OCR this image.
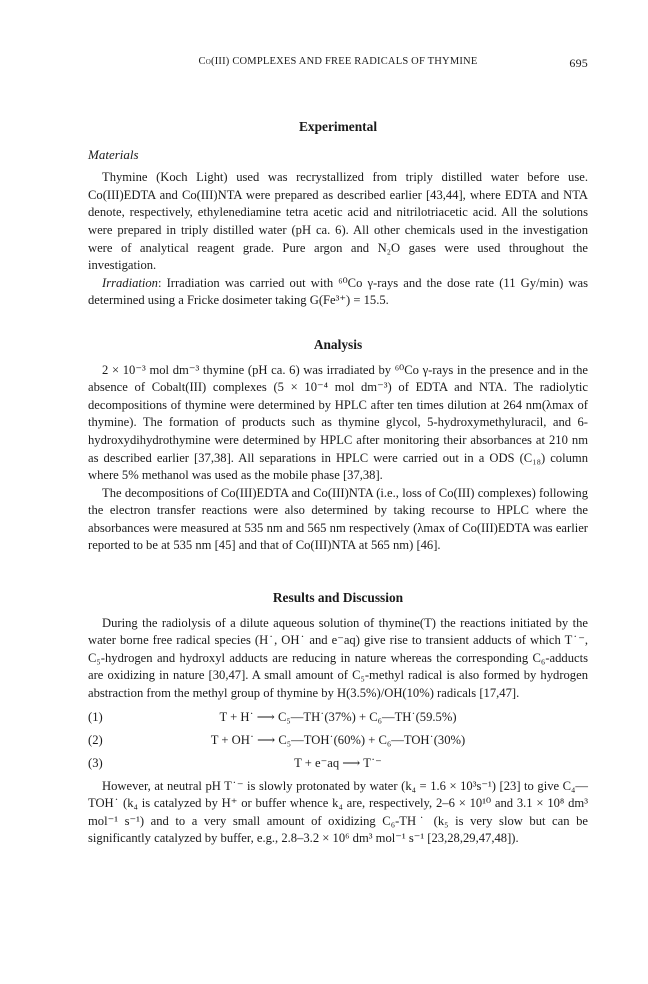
Co(III) COMPLEXES AND FREE RADICALS OF THYMINE	695
Experimental
Materials

Thymine (Koch Light) used was recrystallized from triply distilled water before use. Co(III)EDTA and Co(III)NTA were prepared as described earlier [43,44], where EDTA and NTA denote, respectively, ethylenediamine tetra acetic acid and nitrilotriacetic acid. All the solutions were prepared in triply distilled water (pH ca. 6). All other chemicals used in the investigation were of analytical reagent grade. Pure argon and N₂O gases were used throughout the investigation.

Irradiation: Irradiation was carried out with ⁶⁰Co γ-rays and the dose rate (11 Gy/min) was determined using a Fricke dosimeter taking G(Fe³⁺) = 15.5.

Analysis

2 × 10⁻³ mol dm⁻³ thymine (pH ca. 6) was irradiated by ⁶⁰Co γ-rays in the presence and in the absence of Cobalt(III) complexes (5 × 10⁻⁴ mol dm⁻³) of EDTA and NTA. The radiolytic decompositions of thymine were determined by HPLC after ten times dilution at 264 nm(λmax of thymine). The formation of products such as thymine glycol, 5-hydroxymethyluracil, and 6-hydroxydihydrothymine were determined by HPLC after monitoring their absorbances at 210 nm as described earlier [37,38]. All separations in HPLC were carried out in a ODS (C₁₈) column where 5% methanol was used as the mobile phase [37,38].

The decompositions of Co(III)EDTA and Co(III)NTA (i.e., loss of Co(III) complexes) following the electron transfer reactions were also determined by taking recourse to HPLC where the absorbances were measured at 535 nm and 565 nm respectively (λmax of Co(III)EDTA was earlier reported to be at 535 nm [45] and that of Co(III)NTA at 565 nm) [46].

Results and Discussion

During the radiolysis of a dilute aqueous solution of thymine(T) the reactions initiated by the water borne free radical species (H˙, OH˙ and e⁻aq) give rise to transient adducts of which T˙⁻, C₅-hydrogen and hydroxyl adducts are reducing in nature whereas the corresponding C₆-adducts are oxidizing in nature [30,47]. A small amount of C₅-methyl radical is also formed by hydrogen abstraction from the methyl group of thymine by H(3.5%)/OH(10%) radicals [17,47].

(1)	T + H˙ ⟶ C₅—TH˙(37%) + C₆—TH˙(59.5%)
(2)	T + OH˙ ⟶ C₅—TOH˙(60%) + C₆—TOH˙(30%)
(3)	T + e⁻aq ⟶ T˙⁻

However, at neutral pH T˙⁻ is slowly protonated by water (k₄ = 1.6 × 10³s⁻¹) [23] to give C₄—TOH˙ (k₄ is catalyzed by H⁺ or buffer whence k₄ are, respectively, 2–6 × 10¹⁰ and 3.1 × 10⁸ dm³ mol⁻¹ s⁻¹) and to a very small amount of oxidizing C₆-TH˙ (k₅ is very slow but can be significantly catalyzed by buffer, e.g., 2.8–3.2 × 10⁶ dm³ mol⁻¹ s⁻¹ [23,28,29,47,48]).
